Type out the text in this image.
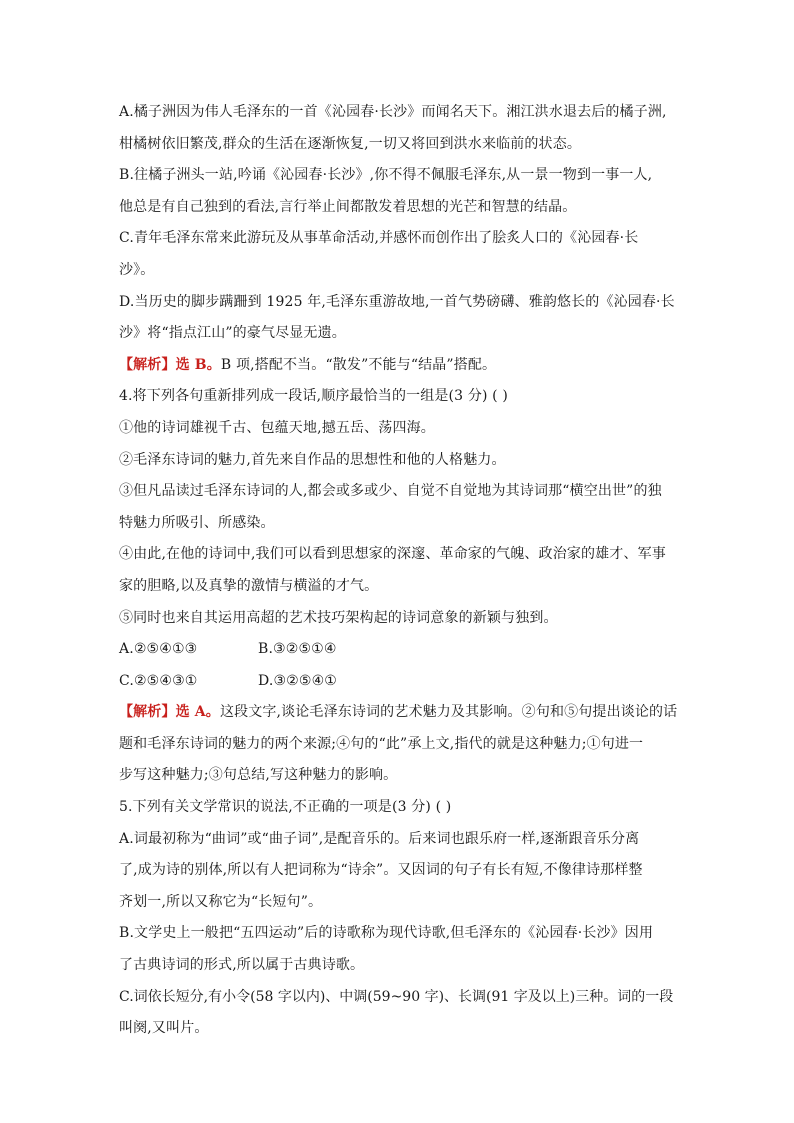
A.橘子洲因为伟人毛泽东的一首《沁园春·长沙》而闻名天下。湘江洪水退去后的橘子洲,
柑橘树依旧繁茂,群众的生活在逐渐恢复,一切又将回到洪水来临前的状态。
B.往橘子洲头一站,吟诵《沁园春·长沙》,你不得不佩服毛泽东,从一景一物到一事一人,
他总是有自己独到的看法,言行举止间都散发着思想的光芒和智慧的结晶。
C.青年毛泽东常来此游玩及从事革命活动,并感怀而创作出了脍炙人口的《沁园春·长
沙》。
D.当历史的脚步蹒跚到 1925 年,毛泽东重游故地,一首气势磅礴、雅韵悠长的《沁园春·长
沙》将“指点江山”的豪气尽显无遗。
【解析】选 B。B 项,搭配不当。“散发”不能与“结晶”搭配。
4.将下列各句重新排列成一段话,顺序最恰当的一组是(3 分) ( )
①他的诗词雄视千古、包蕴天地,撼五岳、荡四海。
②毛泽东诗词的魅力,首先来自作品的思想性和他的人格魅力。
③但凡品读过毛泽东诗词的人,都会或多或少、自觉不自觉地为其诗词那“横空出世”的独
特魅力所吸引、所感染。
④由此,在他的诗词中,我们可以看到思想家的深邃、革命家的气魄、政治家的雄才、军事
家的胆略,以及真挚的激情与横溢的才气。
⑤同时也来自其运用高超的艺术技巧架构起的诗词意象的新颖与独到。
A.②⑤④①③	B.③②⑤①④
C.②⑤④③①	D.③②⑤④①
【解析】选 A。这段文字,谈论毛泽东诗词的艺术魅力及其影响。②句和⑤句提出谈论的话
题和毛泽东诗词的魅力的两个来源;④句的“此”承上文,指代的就是这种魅力;①句进一
步写这种魅力;③句总结,写这种魅力的影响。
5.下列有关文学常识的说法,不正确的一项是(3 分) ( )
A.词最初称为“曲词”或“曲子词”,是配音乐的。后来词也跟乐府一样,逐渐跟音乐分离
了,成为诗的别体,所以有人把词称为“诗余”。又因词的句子有长有短,不像律诗那样整
齐划一,所以又称它为“长短句”。
B.文学史上一般把“五四运动”后的诗歌称为现代诗歌,但毛泽东的《沁园春·长沙》因用
了古典诗词的形式,所以属于古典诗歌。
C.词依长短分,有小令(58 字以内)、中调(59~90 字)、长调(91 字及以上)三种。词的一段
叫阕,又叫片。
